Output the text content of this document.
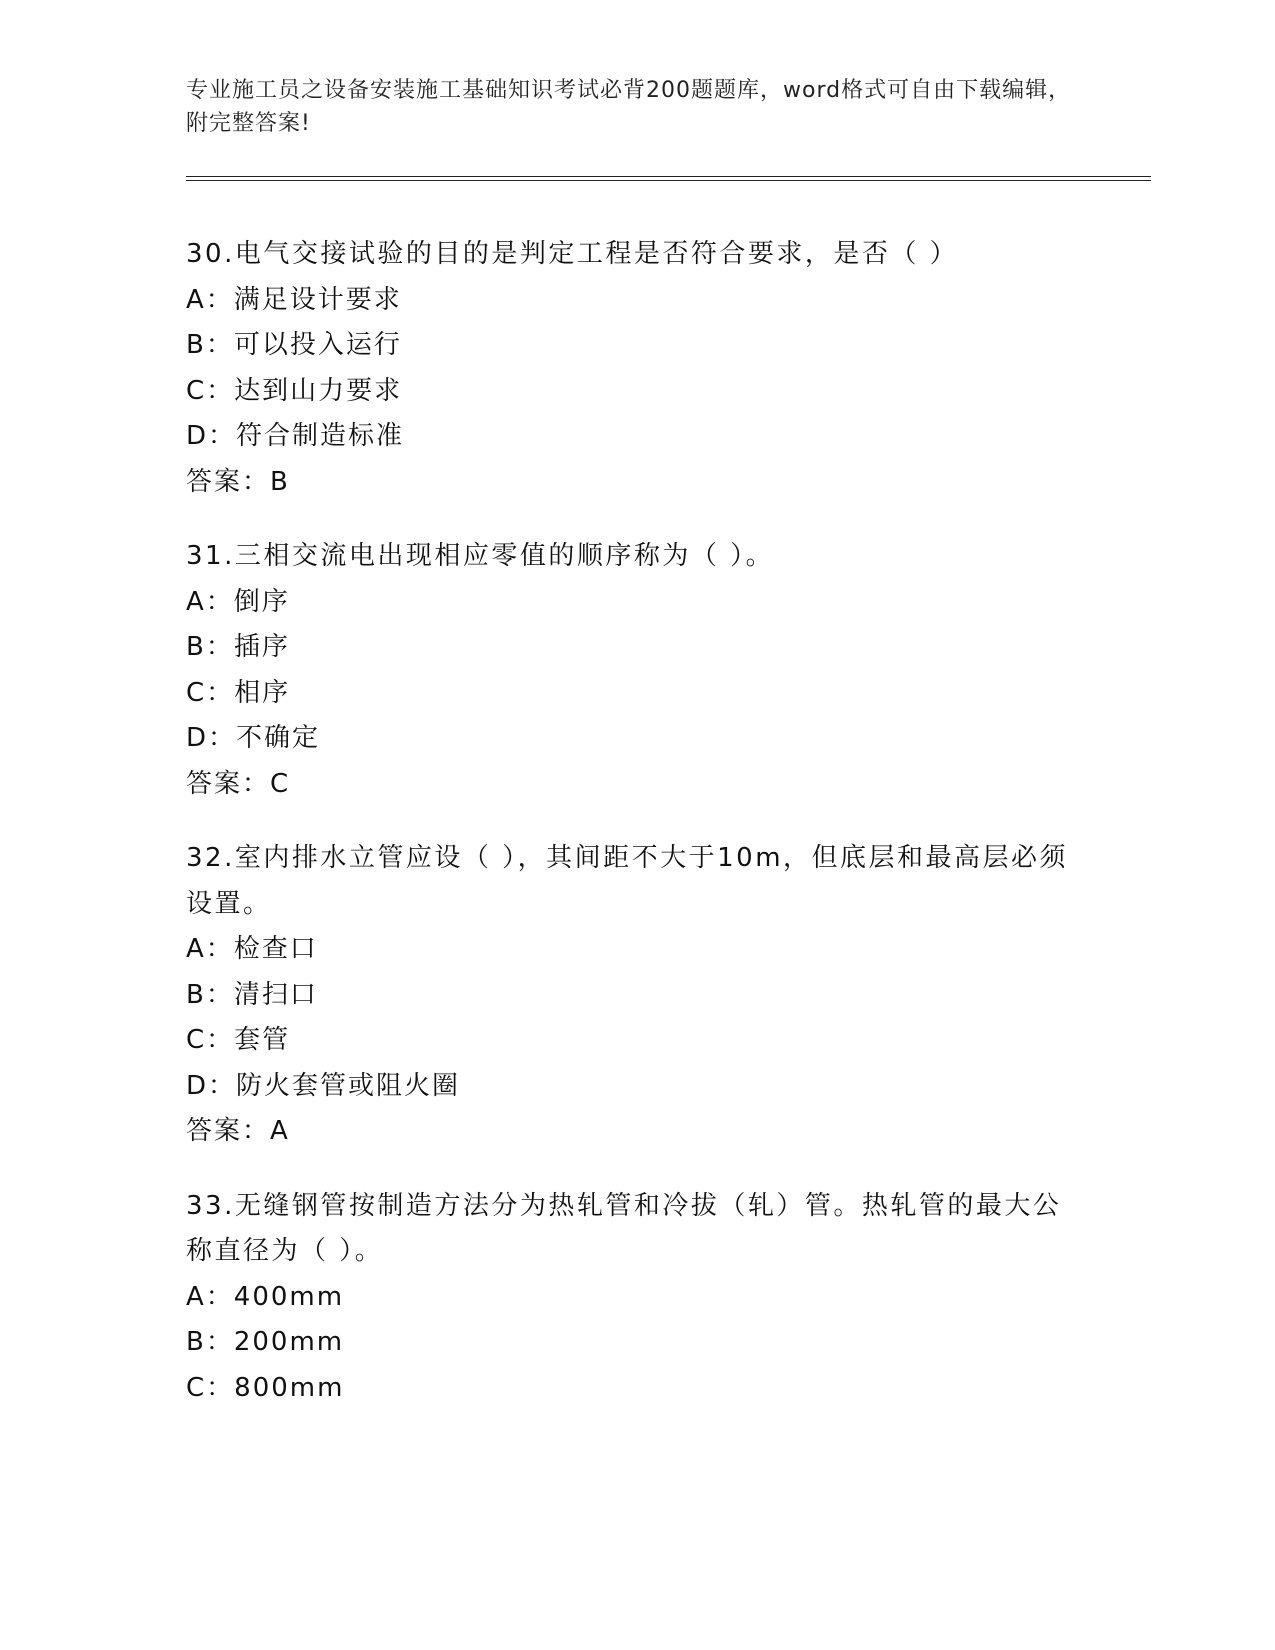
专业施工员之设备安装施工基础知识考试必背200题题库，word格式可自由下载编辑，附完整答案!
30.电气交接试验的目的是判定工程是否符合要求，是否（ ）
A：满足设计要求
B：可以投入运行
C：达到山力要求
D：符合制造标准
答案：B
31.三相交流电出现相应零值的顺序称为（ ）。
A：倒序
B：插序
C：相序
D：不确定
答案：C
32.室内排水立管应设（ ），其间距不大于10m，但底层和最高层必须设置。
A：检查口
B：清扫口
C：套管
D：防火套管或阻火圈
答案：A
33.无缝钢管按制造方法分为热轧管和冷拔（轧）管。热轧管的最大公称直径为（ ）。
A：400mm
B：200mm
C：800mm
